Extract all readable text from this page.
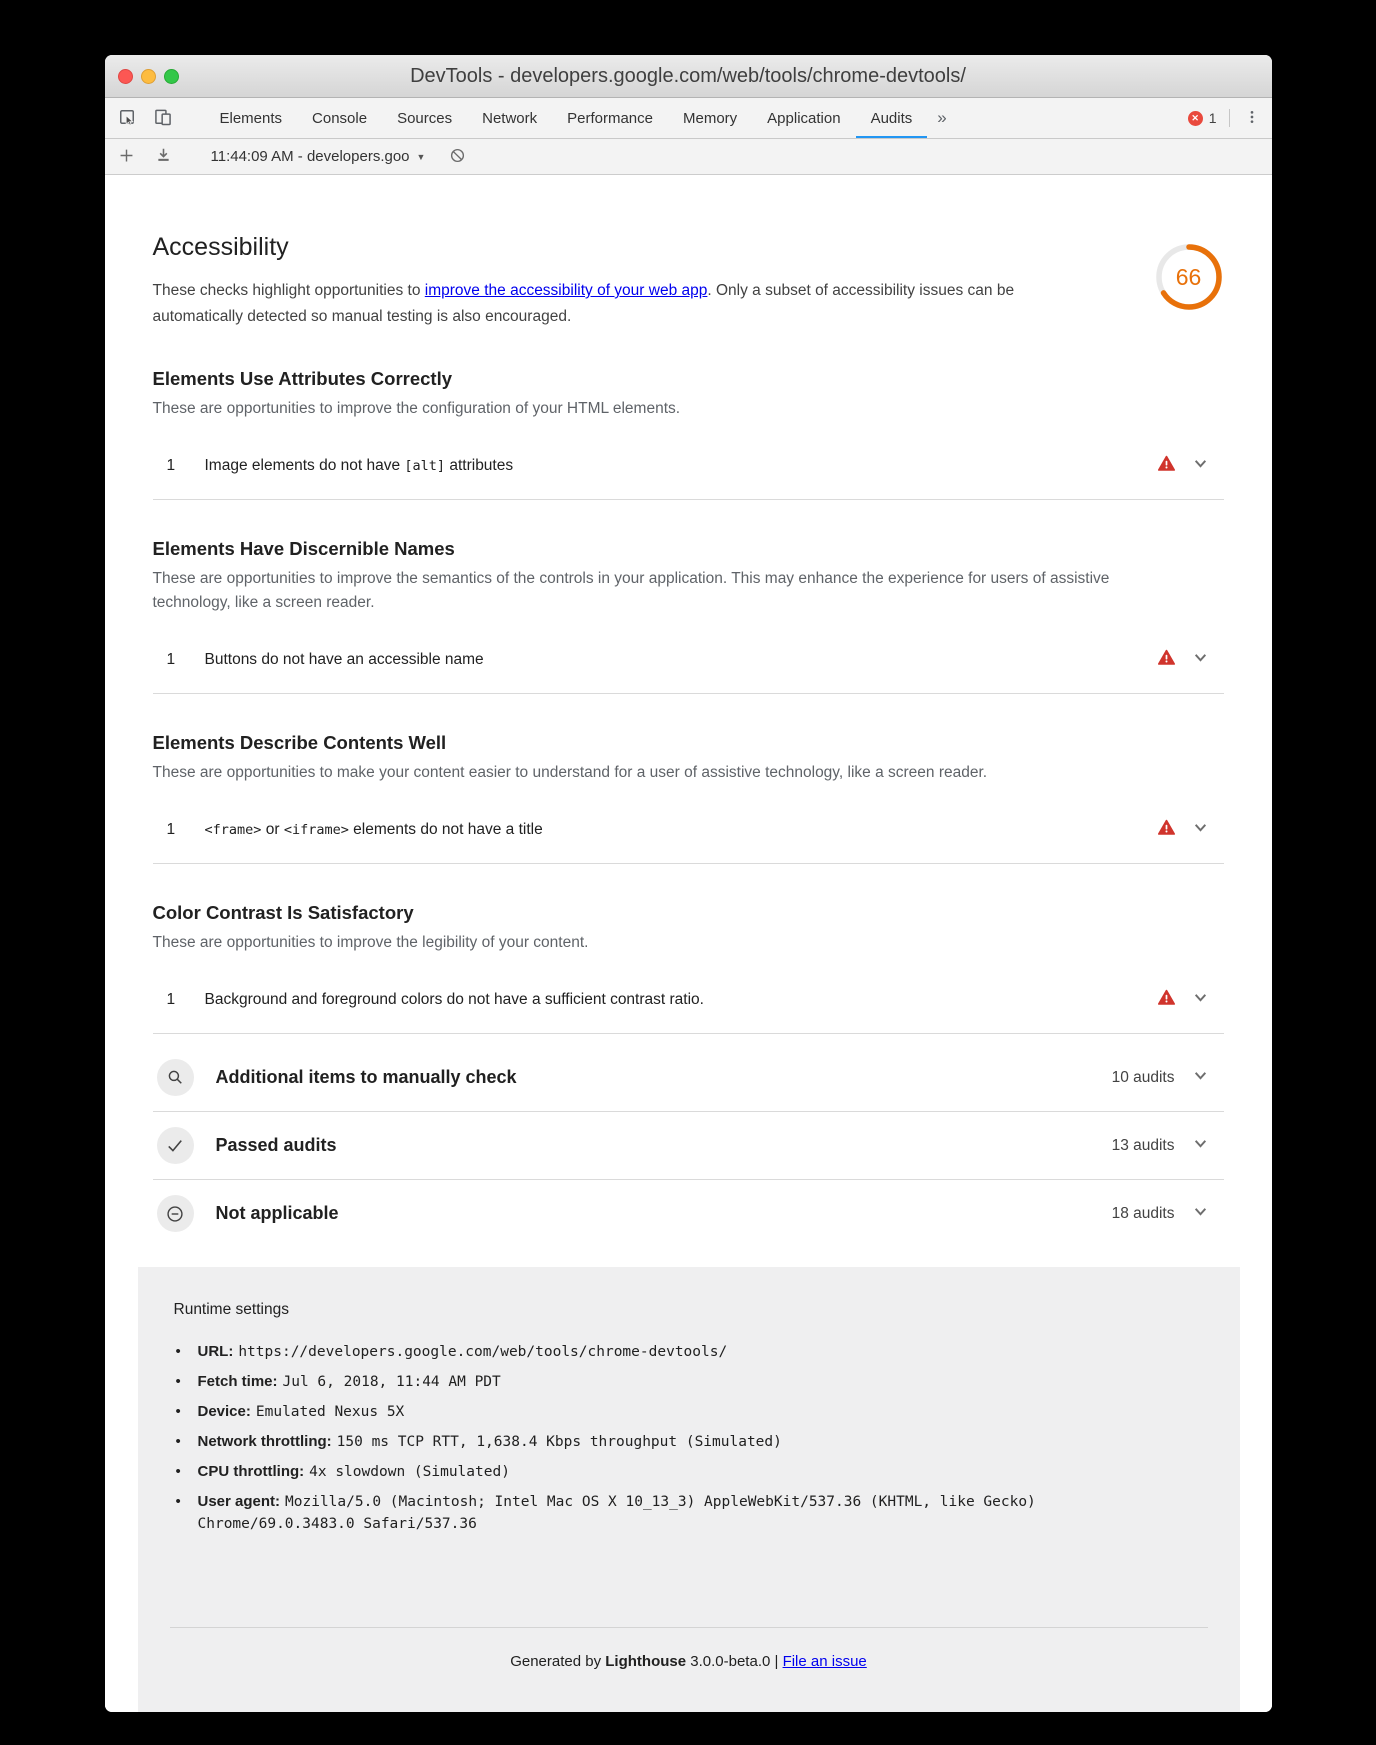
DevTools - developers.google.com/web/tools/chrome-devtools/
Elements	Console	Sources	Network	Performance	Memory	Application	Audits	»	✕ 1
11:44:09 AM - developers.goo ▼
66
Accessibility

These checks highlight opportunities to improve the accessibility of your web app. Only a subset of accessibility issues can be automatically detected so manual testing is also encouraged.

Elements Use Attributes Correctly

These are opportunities to improve the configuration of your HTML elements.

1	Image elements do not have [alt] attributes
Elements Have Discernible Names

These are opportunities to improve the semantics of the controls in your application. This may enhance the experience for users of assistive technology, like a screen reader.

1	Buttons do not have an accessible name
Elements Describe Contents Well

These are opportunities to make your content easier to understand for a user of assistive technology, like a screen reader.

1	<frame> or <iframe> elements do not have a title
Color Contrast Is Satisfactory

These are opportunities to improve the legibility of your content.

1	Background and foreground colors do not have a sufficient contrast ratio.
Additional items to manually check	10 audits
Passed audits	13 audits
Not applicable	18 audits
Runtime settings
• URL: https://developers.google.com/web/tools/chrome-devtools/
• Fetch time: Jul 6, 2018, 11:44 AM PDT
• Device: Emulated Nexus 5X
• Network throttling: 150 ms TCP RTT, 1,638.4 Kbps throughput (Simulated)
• CPU throttling: 4x slowdown (Simulated)
• User agent: Mozilla/5.0 (Macintosh; Intel Mac OS X 10_13_3) AppleWebKit/537.36 (KHTML, like Gecko) Chrome/69.0.3483.0 Safari/537.36
Generated by Lighthouse 3.0.0-beta.0 | File an issue
